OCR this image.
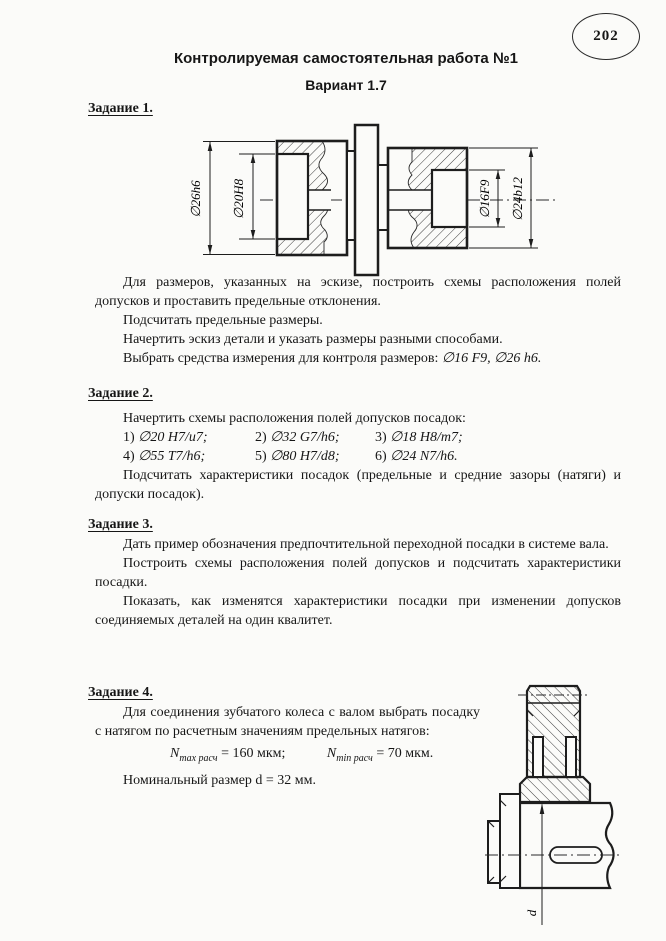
202
Контролируемая самостоятельная работа №1
Вариант 1.7
Задание 1.
∅26h6 ∅20H8	∅16F9 ∅24b12

Для размеров, указанных на эскизе, построить схемы расположения полей допусков и проставить предельные отклонения.

Подсчитать предельные размеры.

Начертить эскиз детали и указать размеры разными способами.

Выбрать средства измерения для контроля размеров: ∅16 F9, ∅26 h6.

Задание 2.

Начертить схемы расположения полей допусков посадок:

1) ∅20 H7/u7;	2) ∅32 G7/h6;	3) ∅18 H8/m7;
4) ∅55 T7/h6;	5) ∅80 H7/d8;	6) ∅24 N7/h6.

Подсчитать характеристики посадок (предельные и средние зазоры (натяги) и допуски посадок).

Задание 3.

Дать пример обозначения предпочтительной переходной посадки в системе вала.

Построить схемы расположения полей допусков и подсчитать характеристики посадки.

Показать, как изменятся характеристики посадки при изменении допусков соединяемых деталей на один квалитет.

Задание 4.

Для соединения зубчатого колеса с валом выбрать посадку с натягом по расчетным значениям предельных натягов:

$N_{max расч} = 160$ мкм;	$N_{min расч} = 70$ мкм.

Номинальный размер d = 32 мм.

d
